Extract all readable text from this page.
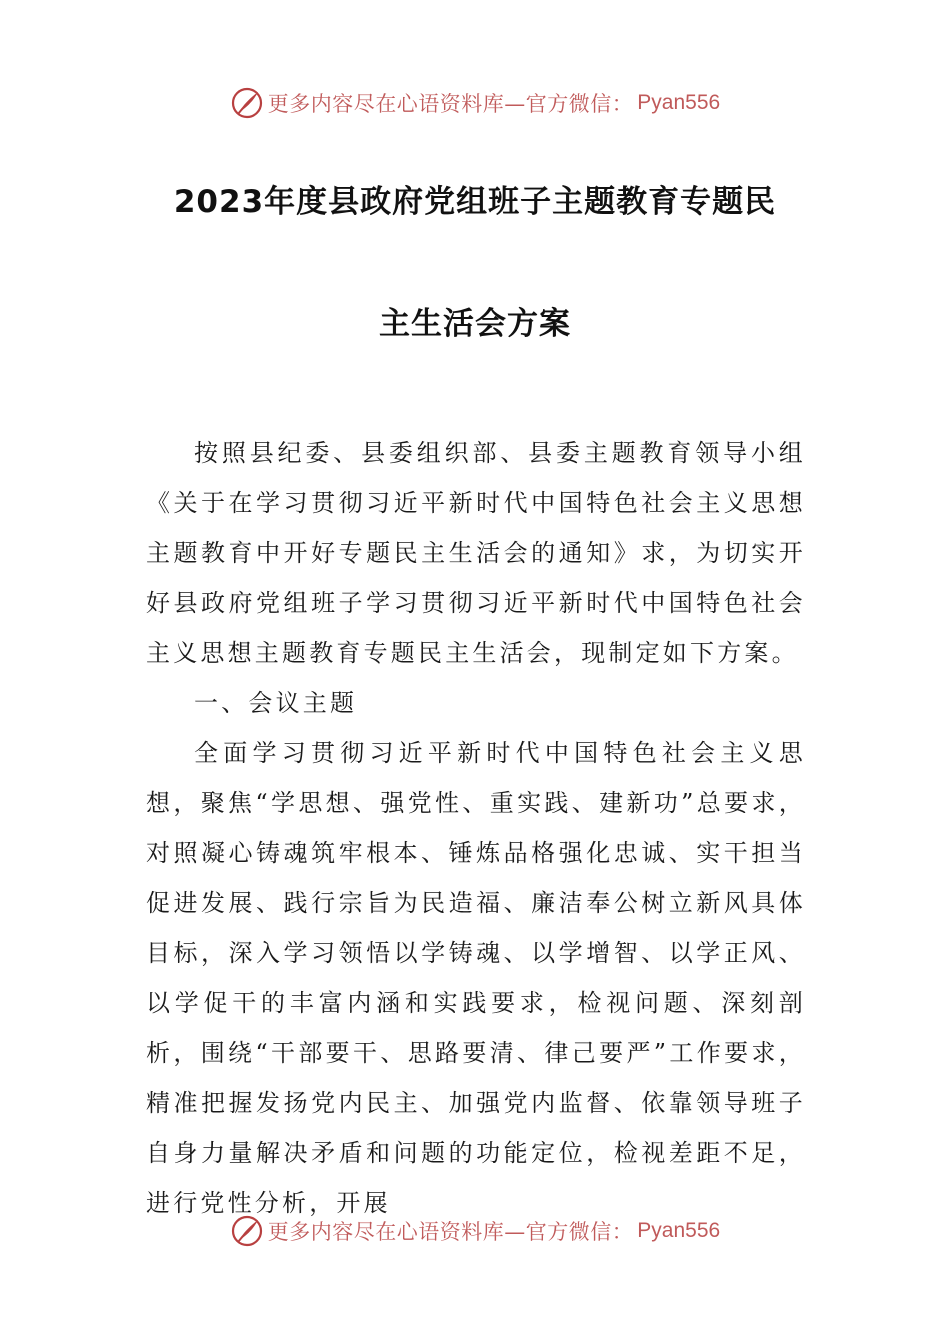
更多内容尽在心语资料库—官方微信： Pyan556
2023年度县政府党组班子主题教育专题民
主生活会方案

按照县纪委、县委组织部、县委主题教育领导小组《关于在学习贯彻习近平新时代中国特色社会主义思想主题教育中开好专题民主生活会的通知》求，为切实开好县政府党组班子学习贯彻习近平新时代中国特色社会主义思想主题教育专题民主生活会，现制定如下方案。

一、会议主题

全面学习贯彻习近平新时代中国特色社会主义思想，聚焦“学思想、强党性、重实践、建新功”总要求，对照凝心铸魂筑牢根本、锤炼品格强化忠诚、实干担当促进发展、践行宗旨为民造福、廉洁奉公树立新风具体目标，深入学习领悟以学铸魂、以学增智、以学正风、以学促干的丰富内涵和实践要求，检视问题、深刻剖析，围绕“干部要干、思路要清、律己要严”工作要求，精准把握发扬党内民主、加强党内监督、依靠领导班子自身力量解决矛盾和问题的功能定位，检视差距不足，进行党性分析，开展

更多内容尽在心语资料库—官方微信： Pyan556
